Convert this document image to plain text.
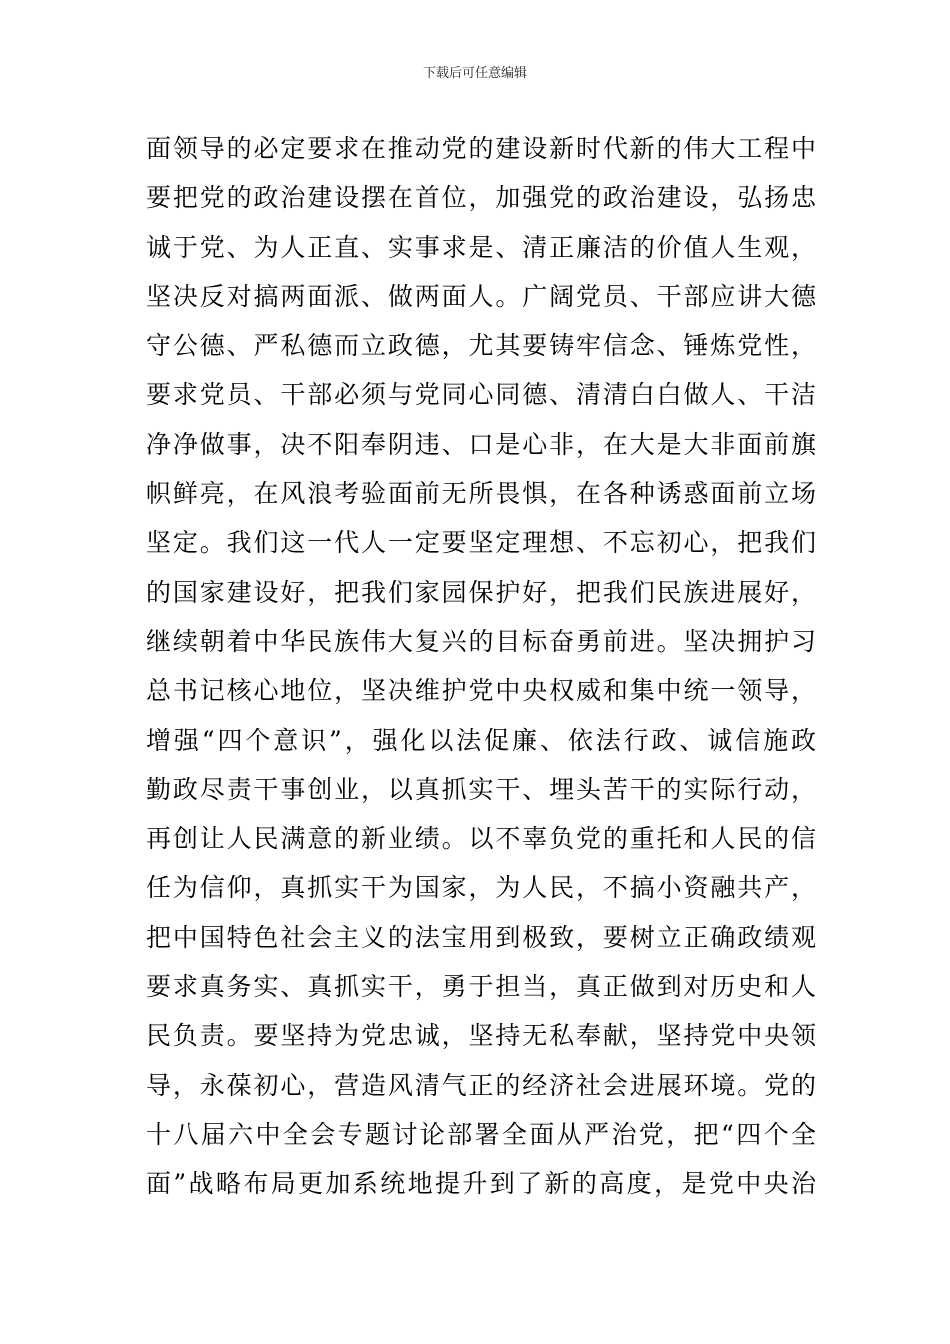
下载后可任意编辑
面领导的必定要求在推动党的建设新时代新的伟大工程中
要把党的政治建设摆在首位，加强党的政治建设，弘扬忠
诚于党、为人正直、实事求是、清正廉洁的价值人生观，
坚决反对搞两面派、做两面人。广阔党员、干部应讲大德
守公德、严私德而立政德，尤其要铸牢信念、锤炼党性，
要求党员、干部必须与党同心同德、清清白白做人、干洁
净净做事，决不阳奉阴违、口是心非，在大是大非面前旗
帜鲜亮，在风浪考验面前无所畏惧，在各种诱惑面前立场
坚定。我们这一代人一定要坚定理想、不忘初心，把我们
的国家建设好，把我们家园保护好，把我们民族进展好，
继续朝着中华民族伟大复兴的目标奋勇前进。坚决拥护习
总书记核心地位，坚决维护党中央权威和集中统一领导，
增强“四个意识”，强化以法促廉、依法行政、诚信施政
勤政尽责干事创业，以真抓实干、埋头苦干的实际行动，
再创让人民满意的新业绩。以不辜负党的重托和人民的信
任为信仰，真抓实干为国家，为人民，不搞小资融共产，
把中国特色社会主义的法宝用到极致，要树立正确政绩观
要求真务实、真抓实干，勇于担当，真正做到对历史和人
民负责。要坚持为党忠诚，坚持无私奉献，坚持党中央领
导，永葆初心，营造风清气正的经济社会进展环境。党的
十八届六中全会专题讨论部署全面从严治党，把“四个全
面”战略布局更加系统地提升到了新的高度，是党中央治
